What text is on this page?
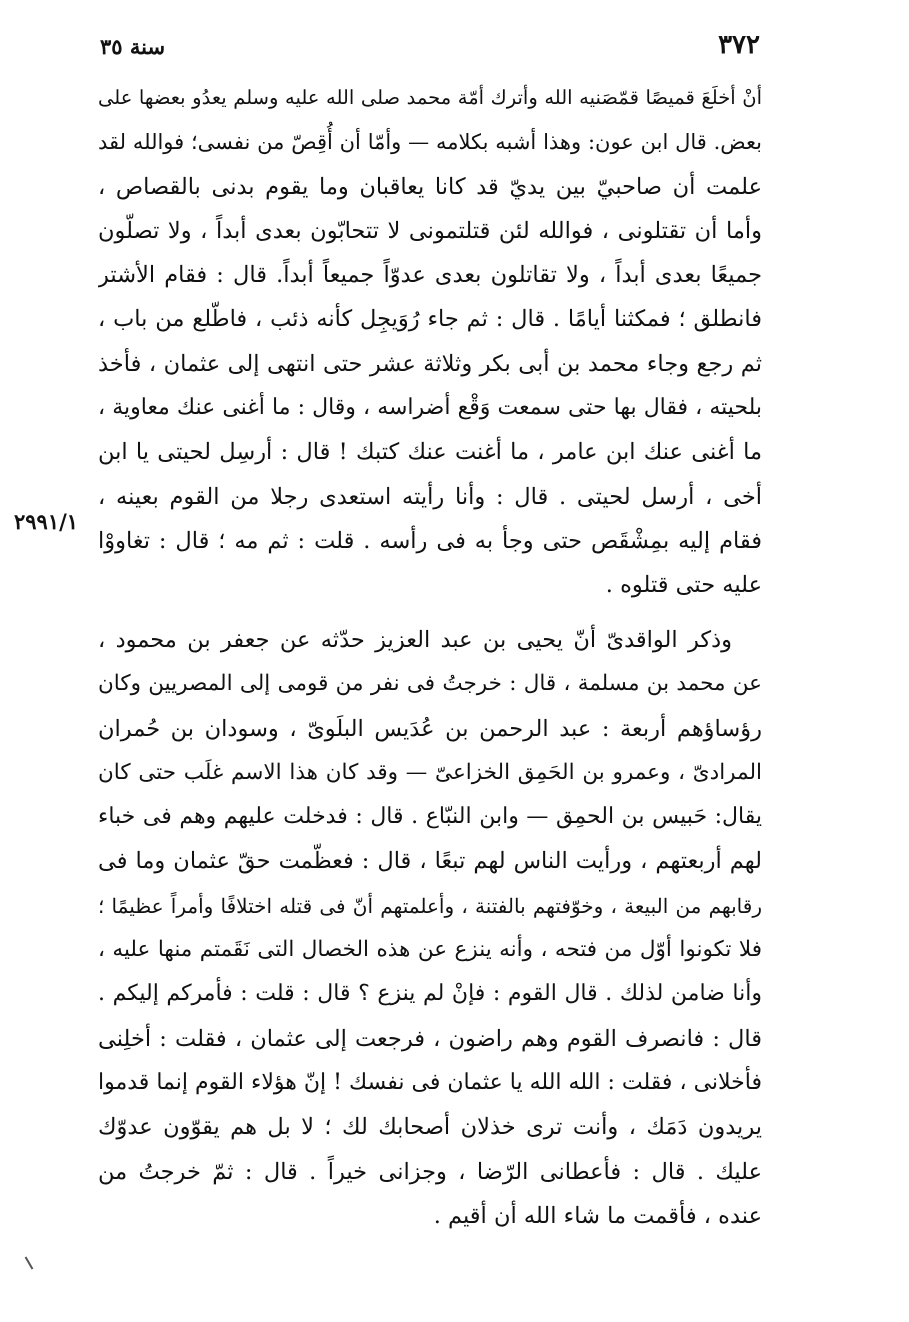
٣٧٢
سنة ٣٥
أنْ أخلَعَ قميصًا قمّصَنيه الله وأترك أمّة محمد صلى الله عليه وسلم يعدُو بعضها على
بعض. قال ابن عون: وهذا أشبه بكلامه — وأمّا أن أُقِصّ من نفسى؛ فوالله لقد
علمت أن صاحبيّ بين يديّ قد كانا يعاقبان وما يقوم بدنى بالقصاص ،
وأما أن تقتلونى ، فوالله لئن قتلتمونى لا تتحابّون بعدى أبداً ، ولا تصلّون
جميعًا بعدى أبداً ، ولا تقاتلون بعدى عدوّاً جميعاً أبداً. قال : فقام الأشتر
فانطلق ؛ فمكثنا أيامًا . قال : ثم جاء رُوَيجِل كأنه ذئب ، فاطّلع من باب ،
ثم رجع وجاء محمد بن أبى بكر وثلاثة عشر حتى انتهى إلى عثمان ، فأخذ
بلحيته ، فقال بها حتى سمعت وَقْع أضراسه ، وقال : ما أغنى عنك معاوية ،
ما أغنى عنك ابن عامر ، ما أغنت عنك كتبك ! قال : أرسِل لحيتى يا ابن
أخى ، أرسل لحيتى . قال : وأنا رأيته استعدى رجلا من القوم بعينه ،
فقام إليه بمِشْقَص حتى وجأ به فى رأسه . قلت : ثم مه ؛ قال : تغاووْا
عليه حتى قتلوه .
٢٩٩١/١
وذكر الواقدىّ أنّ يحيى بن عبد العزيز حدّثه عن جعفر بن محمود ،
عن محمد بن مسلمة ، قال : خرجتُ فى نفر من قومى إلى المصريين وكان
رؤساؤهم أربعة : عبد الرحمن بن عُدَيس البلَوىّ ، وسودان بن حُمران
المرادىّ ، وعمرو بن الحَمِق الخزاعىّ — وقد كان هذا الاسم غلَب حتى كان
يقال: حَبيس بن الحمِق — وابن النبّاع . قال : فدخلت عليهم وهم فى خباء
لهم أربعتهم ، ورأيت الناس لهم تبعًا ، قال : فعظّمت حقّ عثمان وما فى
رقابهم من البيعة ، وخوّفتهم بالفتنة ، وأعلمتهم أنّ فى قتله اختلافًا وأمراً عظيمًا ؛
فلا تكونوا أوّل من فتحه ، وأنه ينزع عن هذه الخصال التى نَقَمتم منها عليه ،
وأنا ضامن لذلك . قال القوم : فإنْ لم ينزع ؟ قال : قلت : فأمركم إليكم .
قال : فانصرف القوم وهم راضون ، فرجعت إلى عثمان ، فقلت : أخلِنى
فأخلانى ، فقلت : الله الله يا عثمان فى نفسك ! إنّ هؤلاء القوم إنما قدموا
يريدون دَمَك ، وأنت ترى خذلان أصحابك لك ؛ لا بل هم يقوّون عدوّك
عليك . قال : فأعطانى الرّضا ، وجزانى خيراً . قال : ثمّ خرجتُ من
عنده ، فأقمت ما شاء الله أن أقيم .
